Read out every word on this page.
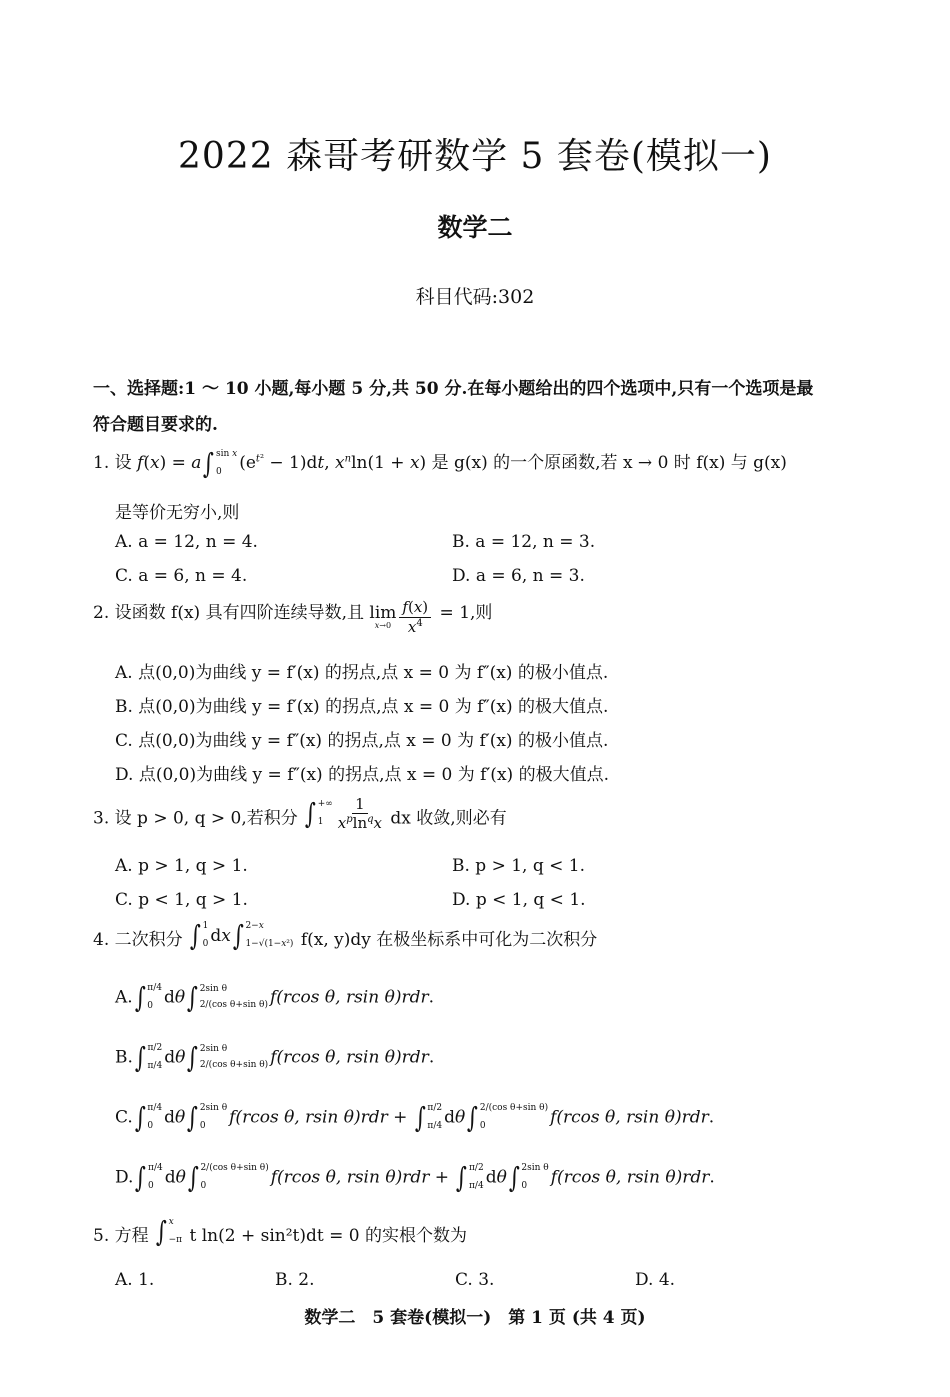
2022 森哥考研数学 5 套卷(模拟一)
数学二
科目代码:302
一、选择题:1 ～ 10 小题,每小题 5 分,共 50 分.在每小题给出的四个选项中,只有一个选项是最
符合题目要求的.
1. 设 f(x) = a∫ sin x
0 $(e^{t^2} - 1)dt$, $x^n\ln(1 + x)$ 是 g(x) 的一个原函数,若 x → 0 时 f(x) 与 g(x)
是等价无穷小,则
A. a = 12, n = 4.	B. a = 12, n = 3.
C. a = 6, n = 4.	D. a = 6, n = 3.
2. 设函数 f(x) 具有四阶连续导数,且 lim
$x\to 0 \frac{f(x)}{x^4} = 1$,则
A. 点(0,0)为曲线 y = f′(x) 的拐点,点 x = 0 为 f″(x) 的极小值点.
B. 点(0,0)为曲线 y = f′(x) 的拐点,点 x = 0 为 f″(x) 的极大值点.
C. 点(0,0)为曲线 y = f″(x) 的拐点,点 x = 0 为 f′(x) 的极小值点.
D. 点(0,0)为曲线 y = f″(x) 的拐点,点 x = 0 为 f′(x) 的极大值点.
3. 设 p > 0, q > 0,若积分 ∫ +∞
$1 \frac{1}{x^p\ln^qx}$ dx 收敛,则必有
A. p > 1, q > 1.	B. p > 1, q < 1.
C. p < 1, q > 1.	D. p < 1, q < 1.
4. 二次积分 ∫ 1
0 d x ∫ 2−x
1−√(1−x²) f(x, y)dy 在极坐标系中可化为二次积分
A.∫ π/4
0 dθ∫ 2sin θ
2/(cos θ+sin θ) f(rcos θ, rsin θ)rdr.
B.∫ π/2
π/4 dθ∫ 2sin θ
2/(cos θ+sin θ) f(rcos θ, rsin θ)rdr.
C.∫ π/4
0 dθ∫ 2sin θ
0 f(rcos θ, rsin θ)rdr + ∫ π/2
π/4 dθ∫ 2/(cos θ+sin θ)
0	f(rcos θ, rsin θ)rdr.
D.∫ π/4
0 dθ∫ 2/(cos θ+sin θ)
0	f(rcos θ, rsin θ)rdr + ∫ π/2
π/4 dθ∫ 2sin θ
0 f(rcos θ, rsin θ)rdr.
5. 方程 ∫ x
−π t ln(2 + sin²t)dt = 0 的实根个数为
A. 1.	B. 2.	C. 3.	D. 4.
数学二　5 套卷(模拟一)　第 1 页 (共 4 页)
